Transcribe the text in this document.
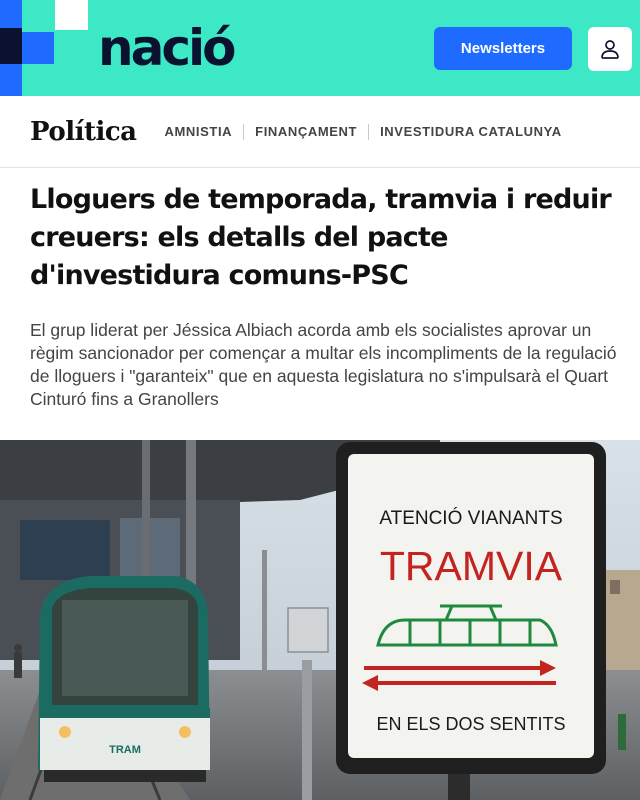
nació	Newsletters
Política AMNISTIA FINANÇAMENT INVESTIDURA CATALUNYA
Lloguers de temporada, tramvia i reduir creuers: els detalls del pacte d'investidura comuns-PSC

El grup liderat per Jéssica Albiach acorda amb els socialistes aprovar un règim sancionador per començar a multar els incompliments de la regulació de lloguers i "garanteix" que en aquesta legislatura no s'impulsarà el Quart Cinturó fins a Granollers

TRAM
ATENCIÓ VIANANTS
TRAMVIA
EN ELS DOS SENTITS
